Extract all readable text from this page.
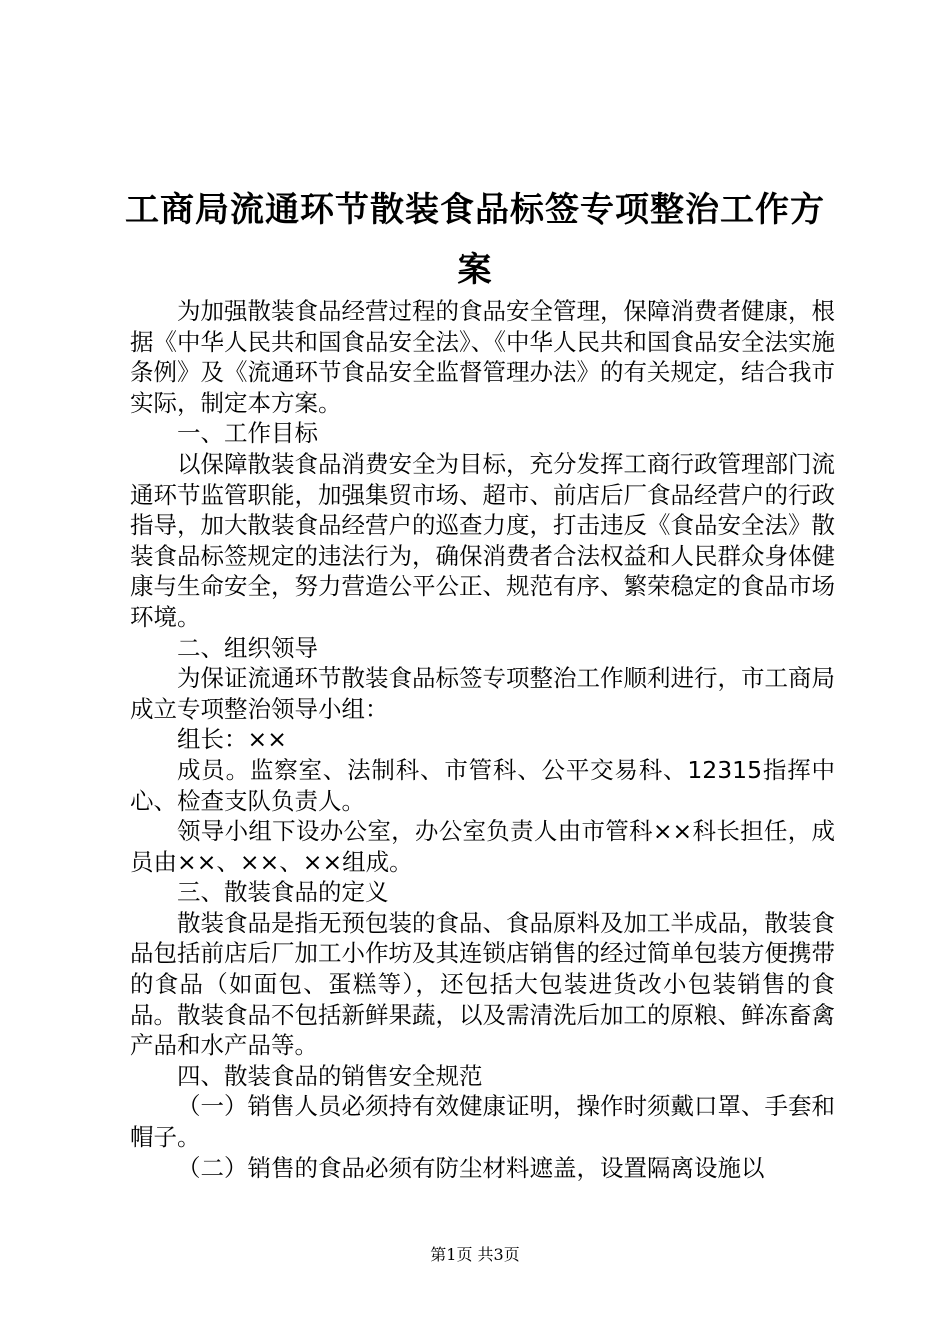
工商局流通环节散装食品标签专项整治工作方
案

为加强散装食品经营过程的食品安全管理，保障消费者健康，根据《中华人民共和国食品安全法》、《中华人民共和国食品安全法实施条例》及《流通环节食品安全监督管理办法》的有关规定，结合我市实际，制定本方案。

一、工作目标

以保障散装食品消费安全为目标，充分发挥工商行政管理部门流通环节监管职能，加强集贸市场、超市、前店后厂食品经营户的行政指导，加大散装食品经营户的巡查力度，打击违反《食品安全法》散装食品标签规定的违法行为，确保消费者合法权益和人民群众身体健康与生命安全，努力营造公平公正、规范有序、繁荣稳定的食品市场环境。

二、组织领导

为保证流通环节散装食品标签专项整治工作顺利进行，市工商局成立专项整治领导小组：

组长：××

成员。监察室、法制科、市管科、公平交易科、12315指挥中心、检查支队负责人。

领导小组下设办公室，办公室负责人由市管科××科长担任，成员由××、××、××组成。

三、散装食品的定义

散装食品是指无预包装的食品、食品原料及加工半成品，散装食品包括前店后厂加工小作坊及其连锁店销售的经过简单包装方便携带的食品（如面包、蛋糕等），还包括大包装进货改小包装销售的食品。散装食品不包括新鲜果蔬，以及需清洗后加工的原粮、鲜冻畜禽产品和水产品等。

四、散装食品的销售安全规范

（一）销售人员必须持有效健康证明，操作时须戴口罩、手套和帽子。

（二）销售的食品必须有防尘材料遮盖，设置隔离设施以

第1页 共3页
